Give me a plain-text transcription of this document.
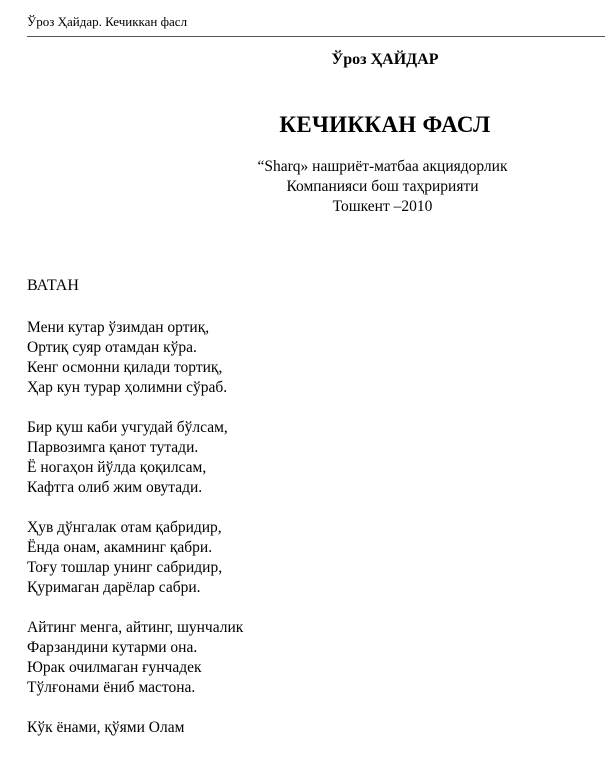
Ўроз Ҳайдар. Кечиккан фасл
Ўроз ҲАЙДАР
КЕЧИККАН ФАСЛ
“Sharq» нашриёт-матбаа акциядорлик
Компанияси бош таҳририяти
Тошкент –2010
ВАТАН
Мени кутар ўзимдан ортиқ,
Ортиқ суяр отамдан кўра.
Кенг осмонни қилади тортиқ,
Ҳар кун турар ҳолимни сўраб.
Бир қуш каби учгудай бўлсам,
Парвозимга қанот тутади.
Ё ногаҳон йўлда қоқилсам,
Кафтга олиб жим овутади.
Ҳув дўнгалак отам қабридир,
Ёнда онам, акамнинг қабри.
Тоғу тошлар унинг сабридир,
Қуримаган дарёлар сабри.
Айтинг менга, айтинг, шунчалик
Фарзандини кутарми она.
Юрак очилмаган ғунчадек
Тўлғонами ёниб мастона.
Кўк ёнами, қўями Олам
